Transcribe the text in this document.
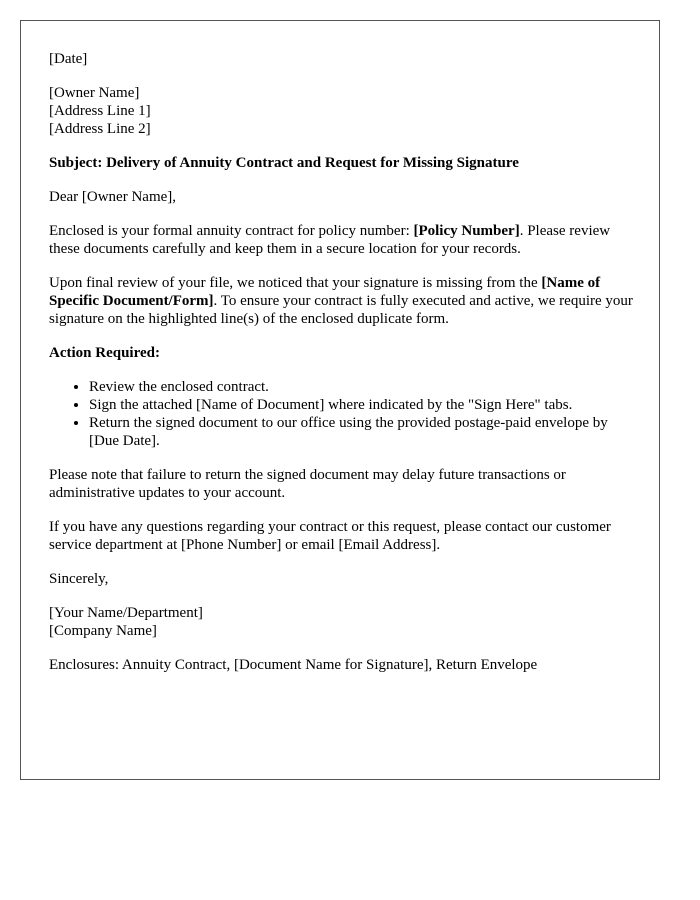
[Date]

[Owner Name]

[Address Line 1]

[Address Line 2]

Subject: Delivery of Annuity Contract and Request for Missing Signature

Dear [Owner Name],

Enclosed is your formal annuity contract for policy number: [Policy Number]. Please review these documents carefully and keep them in a secure location for your records.

Upon final review of your file, we noticed that your signature is missing from the [Name of Specific Document/Form]. To ensure your contract is fully executed and active, we require your signature on the highlighted line(s) of the enclosed duplicate form.

Action Required:

• Review the enclosed contract.
• Sign the attached [Name of Document] where indicated by the "Sign Here" tabs.
• Return the signed document to our office using the provided postage-paid envelope by [Due Date].

Please note that failure to return the signed document may delay future transactions or administrative updates to your account.

If you have any questions regarding your contract or this request, please contact our customer service department at [Phone Number] or email [Email Address].

Sincerely,

[Your Name/Department]

[Company Name]

Enclosures: Annuity Contract, [Document Name for Signature], Return Envelope
